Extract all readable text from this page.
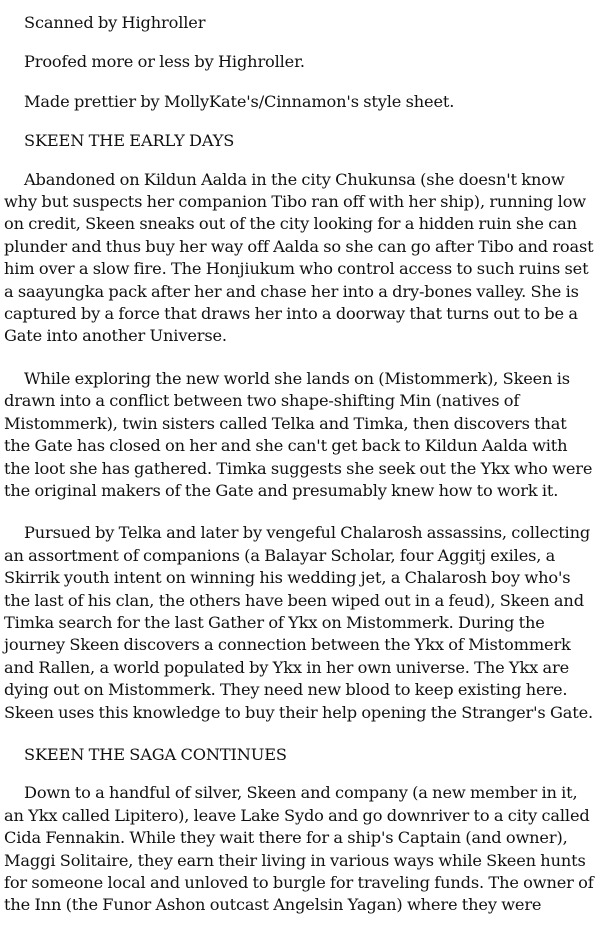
Scanned by Highroller

Proofed more or less by Highroller.

Made prettier by MollyKate's/Cinnamon's style sheet.

SKEEN THE EARLY DAYS

Abandoned on Kildun Aalda in the city Chukunsa (she doesn't know why but suspects her companion Tibo ran off with her ship), running low on credit, Skeen sneaks out of the city looking for a hidden ruin she can plunder and thus buy her way off Aalda so she can go after Tibo and roast him over a slow fire. The Honjiukum who control access to such ruins set a saayungka pack after her and chase her into a dry-bones valley. She is captured by a force that draws her into a doorway that turns out to be a Gate into another Universe.

While exploring the new world she lands on (Mistommerk), Skeen is drawn into a conflict between two shape-shifting Min (natives of Mistommerk), twin sisters called Telka and Timka, then discovers that the Gate has closed on her and she can't get back to Kildun Aalda with the loot she has gathered. Timka suggests she seek out the Ykx who were the original makers of the Gate and presumably knew how to work it.

Pursued by Telka and later by vengeful Chalarosh assassins, collecting an assortment of companions (a Balayar Scholar, four Aggitj exiles, a Skirrik youth intent on winning his wedding jet, a Chalarosh boy who's the last of his clan, the others have been wiped out in a feud), Skeen and Timka search for the last Gather of Ykx on Mistommerk. During the journey Skeen discovers a connection between the Ykx of Mistommerk and Rallen, a world populated by Ykx in her own universe. The Ykx are dying out on Mistommerk. They need new blood to keep existing here. Skeen uses this knowledge to buy their help opening the Stranger's Gate.

SKEEN THE SAGA CONTINUES

Down to a handful of silver, Skeen and company (a new member in it, an Ykx called Lipitero), leave Lake Sydo and go downriver to a city called Cida Fennakin. While they wait there for a ship's Captain (and owner), Maggi Solitaire, they earn their living in various ways while Skeen hunts for someone local and unloved to burgle for traveling funds. The owner of the Inn (the Funor Ashon outcast Angelsin Yagan) where they were
